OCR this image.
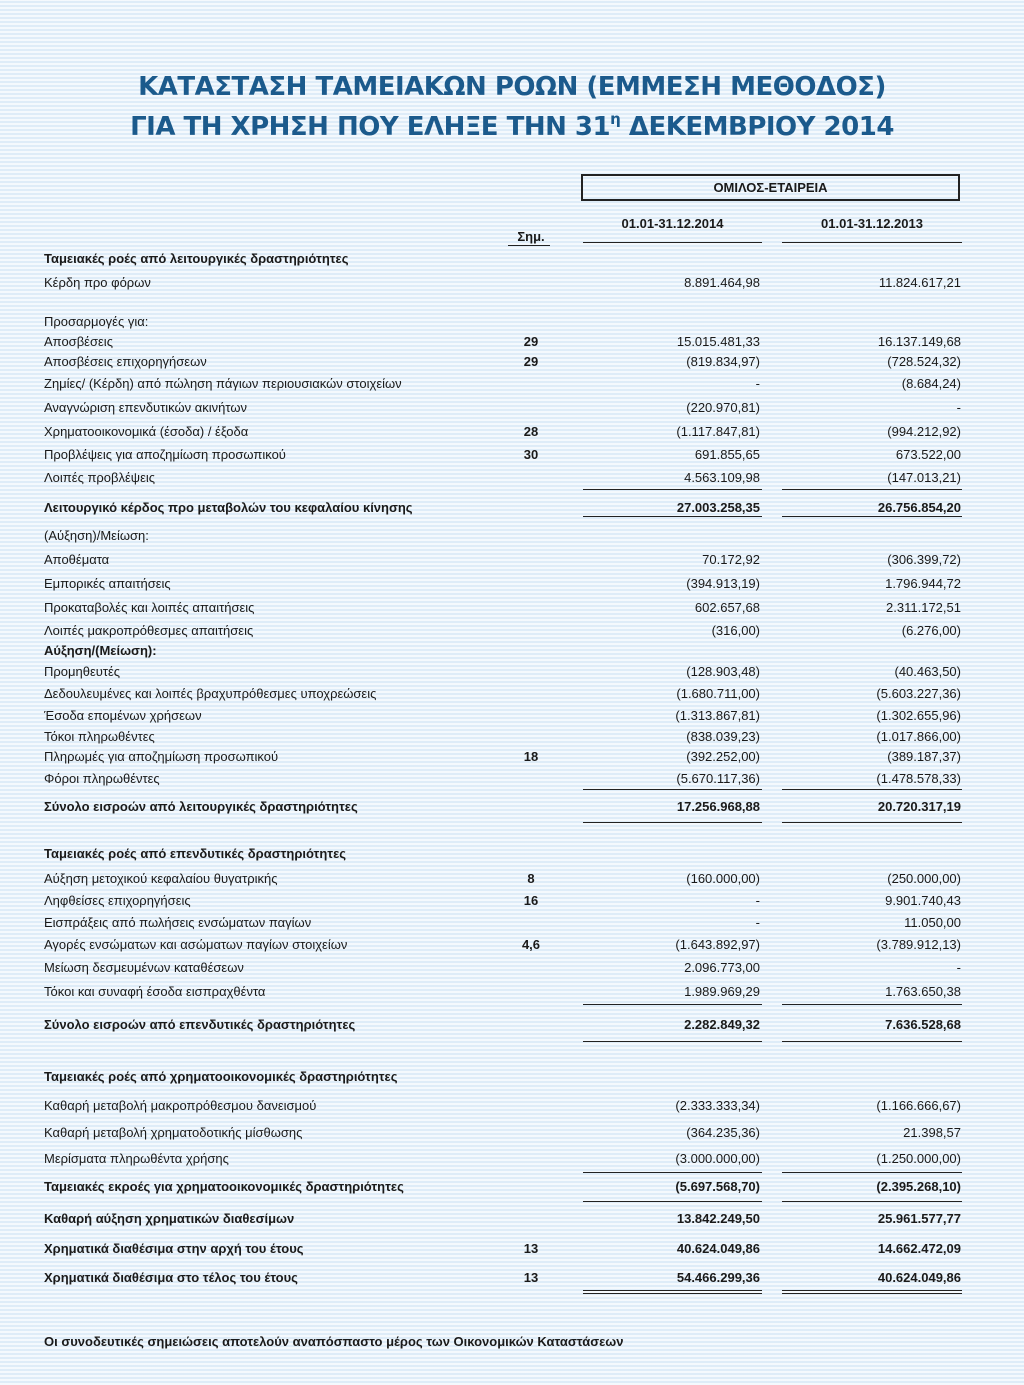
ΚΑΤΑΣΤΑΣΗ ΤΑΜΕΙΑΚΩΝ ΡΟΩΝ (ΕΜΜΕΣΗ ΜΕΘΟΔΟΣ)
ΓΙΑ ΤΗ ΧΡΗΣΗ ΠΟΥ ΕΛΗΞΕ ΤΗΝ $31^\eta$ ΔΕΚΕΜΒΡΙΟΥ 2014
ΟΜΙΛΟΣ-ΕΤΑΙΡΕΙΑ
01.01-31.12.2014	01.01-31.12.2013
Σημ.
Ταμειακές ροές από λειτουργικές δραστηριότητες
Κέρδη προ φόρων	8.891.464,98	11.824.617,21
Προσαρμογές για:
Αποσβέσεις	29	15.015.481,33	16.137.149,68
Αποσβέσεις επιχορηγήσεων	29	(819.834,97)	(728.524,32)
Ζημίες/ (Κέρδη) από πώληση πάγιων περιουσιακών στοιχείων	-	(8.684,24)
Αναγνώριση επενδυτικών ακινήτων	(220.970,81)	-
Χρηματοοικονομικά (έσοδα) / έξοδα	28	(1.117.847,81)	(994.212,92)
Προβλέψεις για αποζημίωση προσωπικού	30	691.855,65	673.522,00
Λοιπές προβλέψεις	4.563.109,98	(147.013,21)
Λειτουργικό κέρδος προ μεταβολών του κεφαλαίου κίνησης	27.003.258,35	26.756.854,20
(Αύξηση)/Μείωση:
Αποθέματα	70.172,92	(306.399,72)
Εμπορικές απαιτήσεις	(394.913,19)	1.796.944,72
Προκαταβολές και λοιπές απαιτήσεις	602.657,68	2.311.172,51
Λοιπές μακροπρόθεσμες απαιτήσεις	(316,00)	(6.276,00)
Αύξηση/(Μείωση):
Προμηθευτές	(128.903,48)	(40.463,50)
Δεδουλευμένες και λοιπές βραχυπρόθεσμες υποχρεώσεις	(1.680.711,00)	(5.603.227,36)
Έσοδα επομένων χρήσεων	(1.313.867,81)	(1.302.655,96)
Τόκοι πληρωθέντες	(838.039,23)	(1.017.866,00)
Πληρωμές για αποζημίωση προσωπικού	18	(392.252,00)	(389.187,37)
Φόροι πληρωθέντες	(5.670.117,36)	(1.478.578,33)
Σύνολο εισροών από λειτουργικές δραστηριότητες	17.256.968,88	20.720.317,19
Ταμειακές ροές από επενδυτικές δραστηριότητες
Αύξηση μετοχικού κεφαλαίου θυγατρικής	8	(160.000,00)	(250.000,00)
Ληφθείσες επιχορηγήσεις	16	-	9.901.740,43
Εισπράξεις από πωλήσεις ενσώματων παγίων	-	11.050,00
Αγορές ενσώματων και ασώματων παγίων στοιχείων	4,6	(1.643.892,97)	(3.789.912,13)
Μείωση δεσμευμένων καταθέσεων	2.096.773,00	-
Τόκοι και συναφή έσοδα εισπραχθέντα	1.989.969,29	1.763.650,38
Σύνολο εισροών από επενδυτικές δραστηριότητες	2.282.849,32	7.636.528,68
Ταμειακές ροές από χρηματοοικονομικές δραστηριότητες
Καθαρή μεταβολή μακροπρόθεσμου δανεισμού	(2.333.333,34)	(1.166.666,67)
Καθαρή μεταβολή χρηματοδοτικής μίσθωσης	(364.235,36)	21.398,57
Μερίσματα πληρωθέντα χρήσης	(3.000.000,00)	(1.250.000,00)
Ταμειακές εκροές για χρηματοοικονομικές δραστηριότητες	(5.697.568,70)	(2.395.268,10)
Καθαρή αύξηση χρηματικών διαθεσίμων	13.842.249,50	25.961.577,77
Χρηματικά διαθέσιμα στην αρχή του έτους	13	40.624.049,86	14.662.472,09
Χρηματικά διαθέσιμα στο τέλος του έτους	13	54.466.299,36	40.624.049,86
Οι συνοδευτικές σημειώσεις αποτελούν αναπόσπαστο μέρος των Οικονομικών Καταστάσεων
